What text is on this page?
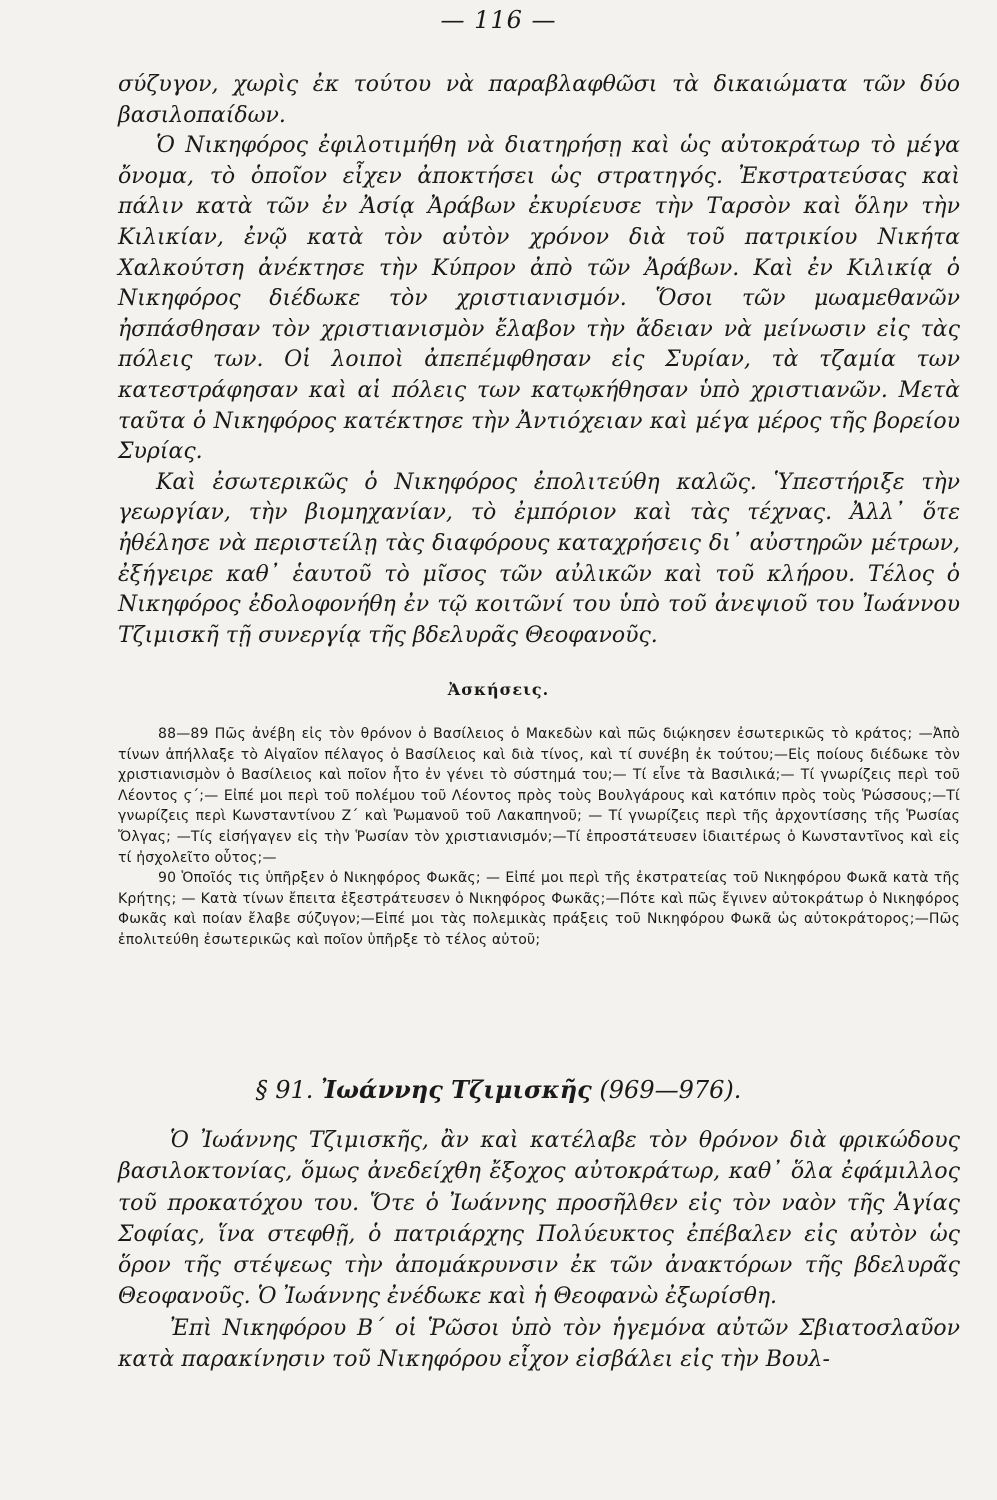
— 116 —

σύζυγον, χωρὶς ἐκ τούτου νὰ παραβλαφθῶσι τὰ δικαιώματα τῶν δύο βασιλοπαίδων.

Ὁ Νικηφόρος ἐφιλοτιμήθη νὰ διατηρήσῃ καὶ ὡς αὐτοκράτωρ τὸ μέγα ὄνομα, τὸ ὁποῖον εἶχεν ἀποκτήσει ὡς στρατηγός. Ἐκστρατεύσας καὶ πάλιν κατὰ τῶν ἐν Ἀσίᾳ Ἀράβων ἐκυρίευσε τὴν Ταρσὸν καὶ ὅλην τὴν Κιλικίαν, ἐνῷ κατὰ τὸν αὐτὸν χρόνον διὰ τοῦ πατρικίου Νικήτα Χαλκούτση ἀνέκτησε τὴν Κύπρον ἀπὸ τῶν Ἀράβων. Καὶ ἐν Κιλικίᾳ ὁ Νικηφόρος διέδωκε τὸν χριστιανισμόν. Ὅσοι τῶν μωαμεθανῶν ἠσπάσθησαν τὸν χριστιανισμὸν ἔλαβον τὴν ἄδειαν νὰ μείνωσιν εἰς τὰς πόλεις των. Οἱ λοιποὶ ἀπεπέμφθησαν εἰς Συρίαν, τὰ τζαμία των κατεστράφησαν καὶ αἱ πόλεις των κατῳκήθησαν ὑπὸ χριστιανῶν. Μετὰ ταῦτα ὁ Νικηφόρος κατέκτησε τὴν Ἀντιόχειαν καὶ μέγα μέρος τῆς βορείου Συρίας.

Καὶ ἐσωτερικῶς ὁ Νικηφόρος ἐπολιτεύθη καλῶς. Ὑπεστήριξε τὴν γεωργίαν, τὴν βιομηχανίαν, τὸ ἐμπόριον καὶ τὰς τέχνας. Ἀλλ᾽ ὅτε ἠθέλησε νὰ περιστείλῃ τὰς διαφόρους καταχρήσεις δι᾽ αὐστηρῶν μέτρων, ἐξήγειρε καθ᾽ ἑαυτοῦ τὸ μῖσος τῶν αὐλικῶν καὶ τοῦ κλήρου. Τέλος ὁ Νικηφόρος ἐδολοφονήθη ἐν τῷ κοιτῶνί του ὑπὸ τοῦ ἀνεψιοῦ του Ἰωάννου Τζιμισκῆ τῇ συνεργίᾳ τῆς βδελυρᾶς Θεοφανοῦς.

Ἀσκήσεις.

88—89 Πῶς ἀνέβη εἰς τὸν θρόνον ὁ Βασίλειος ὁ Μακεδὼν καὶ πῶς διῴκησεν ἐσωτερικῶς τὸ κράτος; —Ἀπὸ τίνων ἀπήλλαξε τὸ Αἰγαῖον πέλαγος ὁ Βασίλειος καὶ διὰ τίνος, καὶ τί συνέβη ἐκ τούτου;—Εἰς ποίους διέδωκε τὸν χριστιανισμὸν ὁ Βασίλειος καὶ ποῖον ἦτο ἐν γένει τὸ σύστημά του;— Τί εἶνε τὰ Βασιλικά;— Τί γνωρίζεις περὶ τοῦ Λέοντος ϛ´;— Εἰπέ μοι περὶ τοῦ πολέμου τοῦ Λέοντος πρὸς τοὺς Βουλγάρους καὶ κατόπιν πρὸς τοὺς Ῥώσσους;—Τί γνωρίζεις περὶ Κωνσταντίνου Ζ´ καὶ Ῥωμανοῦ τοῦ Λακαπηνοῦ; — Τί γνωρίζεις περὶ τῆς ἀρχοντίσσης τῆς Ῥωσίας Ὄλγας; —Τίς εἰσήγαγεν εἰς τὴν Ῥωσίαν τὸν χριστιανισμόν;—Τί ἐπροστάτευσεν ἰδιαιτέρως ὁ Κωνσταντῖνος καὶ εἰς τί ἠσχολεῖτο οὗτος;—

90 Ὁποῖός τις ὑπῆρξεν ὁ Νικηφόρος Φωκᾶς; — Εἰπέ μοι περὶ τῆς ἐκστρατείας τοῦ Νικηφόρου Φωκᾶ κατὰ τῆς Κρήτης; — Κατὰ τίνων ἔπειτα ἐξεστράτευσεν ὁ Νικηφόρος Φωκᾶς;—Πότε καὶ πῶς ἔγινεν αὐτοκράτωρ ὁ Νικηφόρος Φωκᾶς καὶ ποίαν ἔλαβε σύζυγον;—Εἰπέ μοι τὰς πολεμικὰς πράξεις τοῦ Νικηφόρου Φωκᾶ ὡς αὐτοκράτορος;—Πῶς ἐπολιτεύθη ἐσωτερικῶς καὶ ποῖον ὑπῆρξε τὸ τέλος αὐτοῦ;

§ 91. Ἰωάννης Τζιμισκῆς (969—976).

Ὁ Ἰωάννης Τζιμισκῆς, ἂν καὶ κατέλαβε τὸν θρόνον διὰ φρικώδους βασιλοκτονίας, ὅμως ἀνεδείχθη ἔξοχος αὐτοκράτωρ, καθ᾽ ὅλα ἐφάμιλλος τοῦ προκατόχου του. Ὅτε ὁ Ἰωάννης προσῆλθεν εἰς τὸν ναὸν τῆς Ἁγίας Σοφίας, ἵνα στεφθῇ, ὁ πατριάρχης Πολύευκτος ἐπέβαλεν εἰς αὐτὸν ὡς ὅρον τῆς στέψεως τὴν ἀπομάκρυνσιν ἐκ τῶν ἀνακτόρων τῆς βδελυρᾶς Θεοφανοῦς. Ὁ Ἰωάννης ἐνέδωκε καὶ ἡ Θεοφανὼ ἐξωρίσθη.

Ἐπὶ Νικηφόρου Β´ οἱ Ῥῶσοι ὑπὸ τὸν ἡγεμόνα αὐτῶν Σβιατοσλαῦον κατὰ παρακίνησιν τοῦ Νικηφόρου εἶχον εἰσβάλει εἰς τὴν Βουλ-
